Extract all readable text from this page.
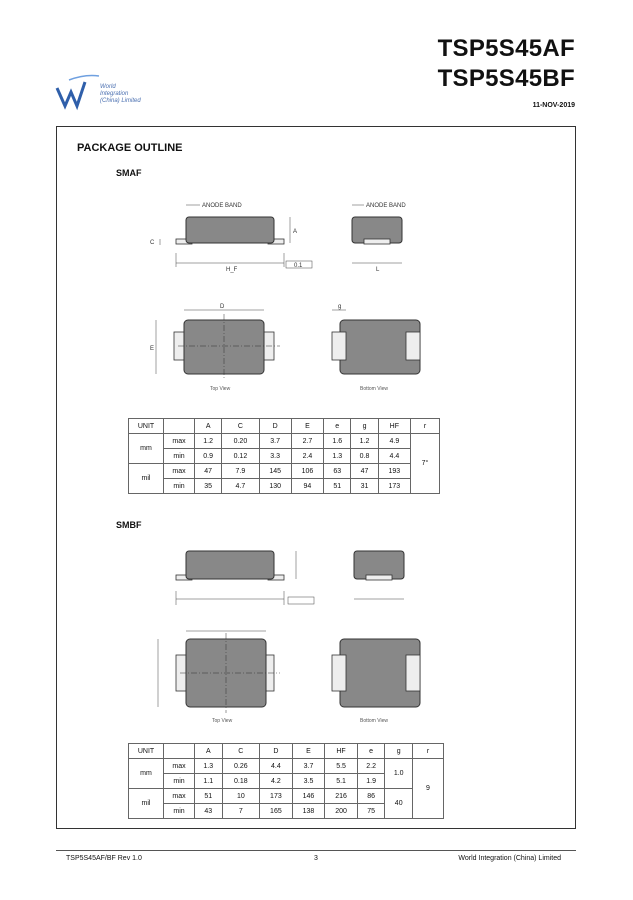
World
Integration
(China) Limited
TSP5S45AF
TSP5S45BF
11-NOV-2019
PACKAGE OUTLINE
SMAF
ANODE BAND
H_F
A
C
0.1
ANODE BAND
L
D
E
Top View
g
Bottom View
UNIT		A	C	D	E	e	g	HF	r
mm	max	1.2	0.20	3.7	2.7	1.6	1.2	4.9	7°
	min	0.9	0.12	3.3	2.4	1.3	0.8	4.4	
mil	max	47	7.9	145	106	63	47	193	
	min	35	4.7	130	94	51	31	173	
SMBF
Top View	Bottom View
UNIT		A	C	D	E	HF	e	g	r
mm	max	1.3	0.26	4.4	3.7	5.5	2.2	1.0	9
	min	1.1	0.18	4.2	3.5	5.1	1.9		
mil	max	51	10	173	146	216	86	40	
	min	43	7	165	138	200	75		
TSP5S45AF/BF Rev 1.0	3	World Integration (China) Limited
